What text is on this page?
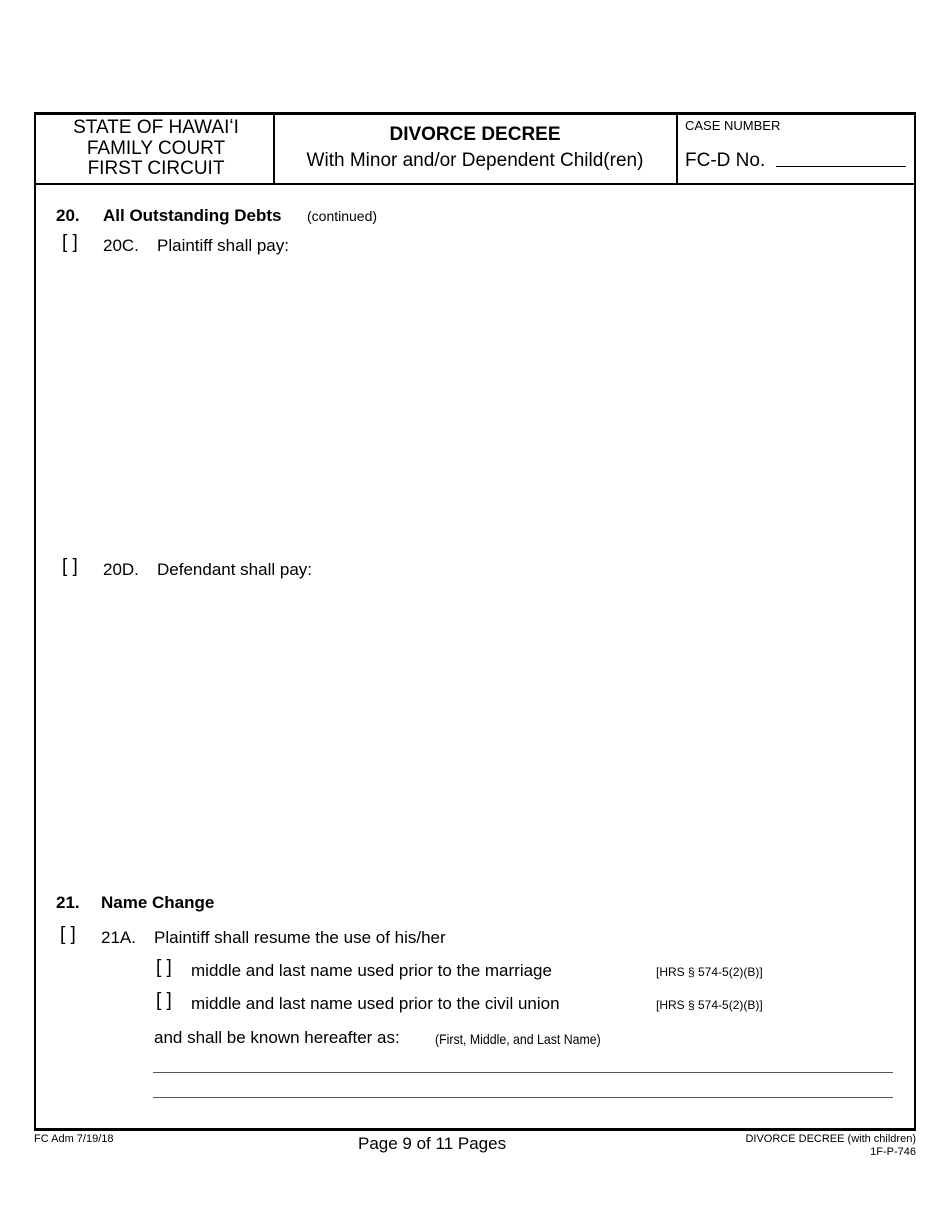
STATE OF HAWAIʻI
FAMILY COURT
FIRST CIRCUIT
DIVORCE DECREE
With Minor and/or Dependent Child(ren)
CASE NUMBER
FC-D No.
20. All Outstanding Debts (continued)
[ ] 20C. Plaintiff shall pay:
[ ] 20D. Defendant shall pay:
21. Name Change
[ ] 21A. Plaintiff shall resume the use of his/her
[ ] middle and last name used prior to the marriage	[HRS § 574-5(2)(B)]
[ ] middle and last name used prior to the civil union	[HRS § 574-5(2)(B)]
and shall be known hereafter as:	(First, Middle, and Last Name)
FC Adm 7/19/18	Page 9 of 11 Pages	DIVORCE DECREE (with children)
1F-P-746
